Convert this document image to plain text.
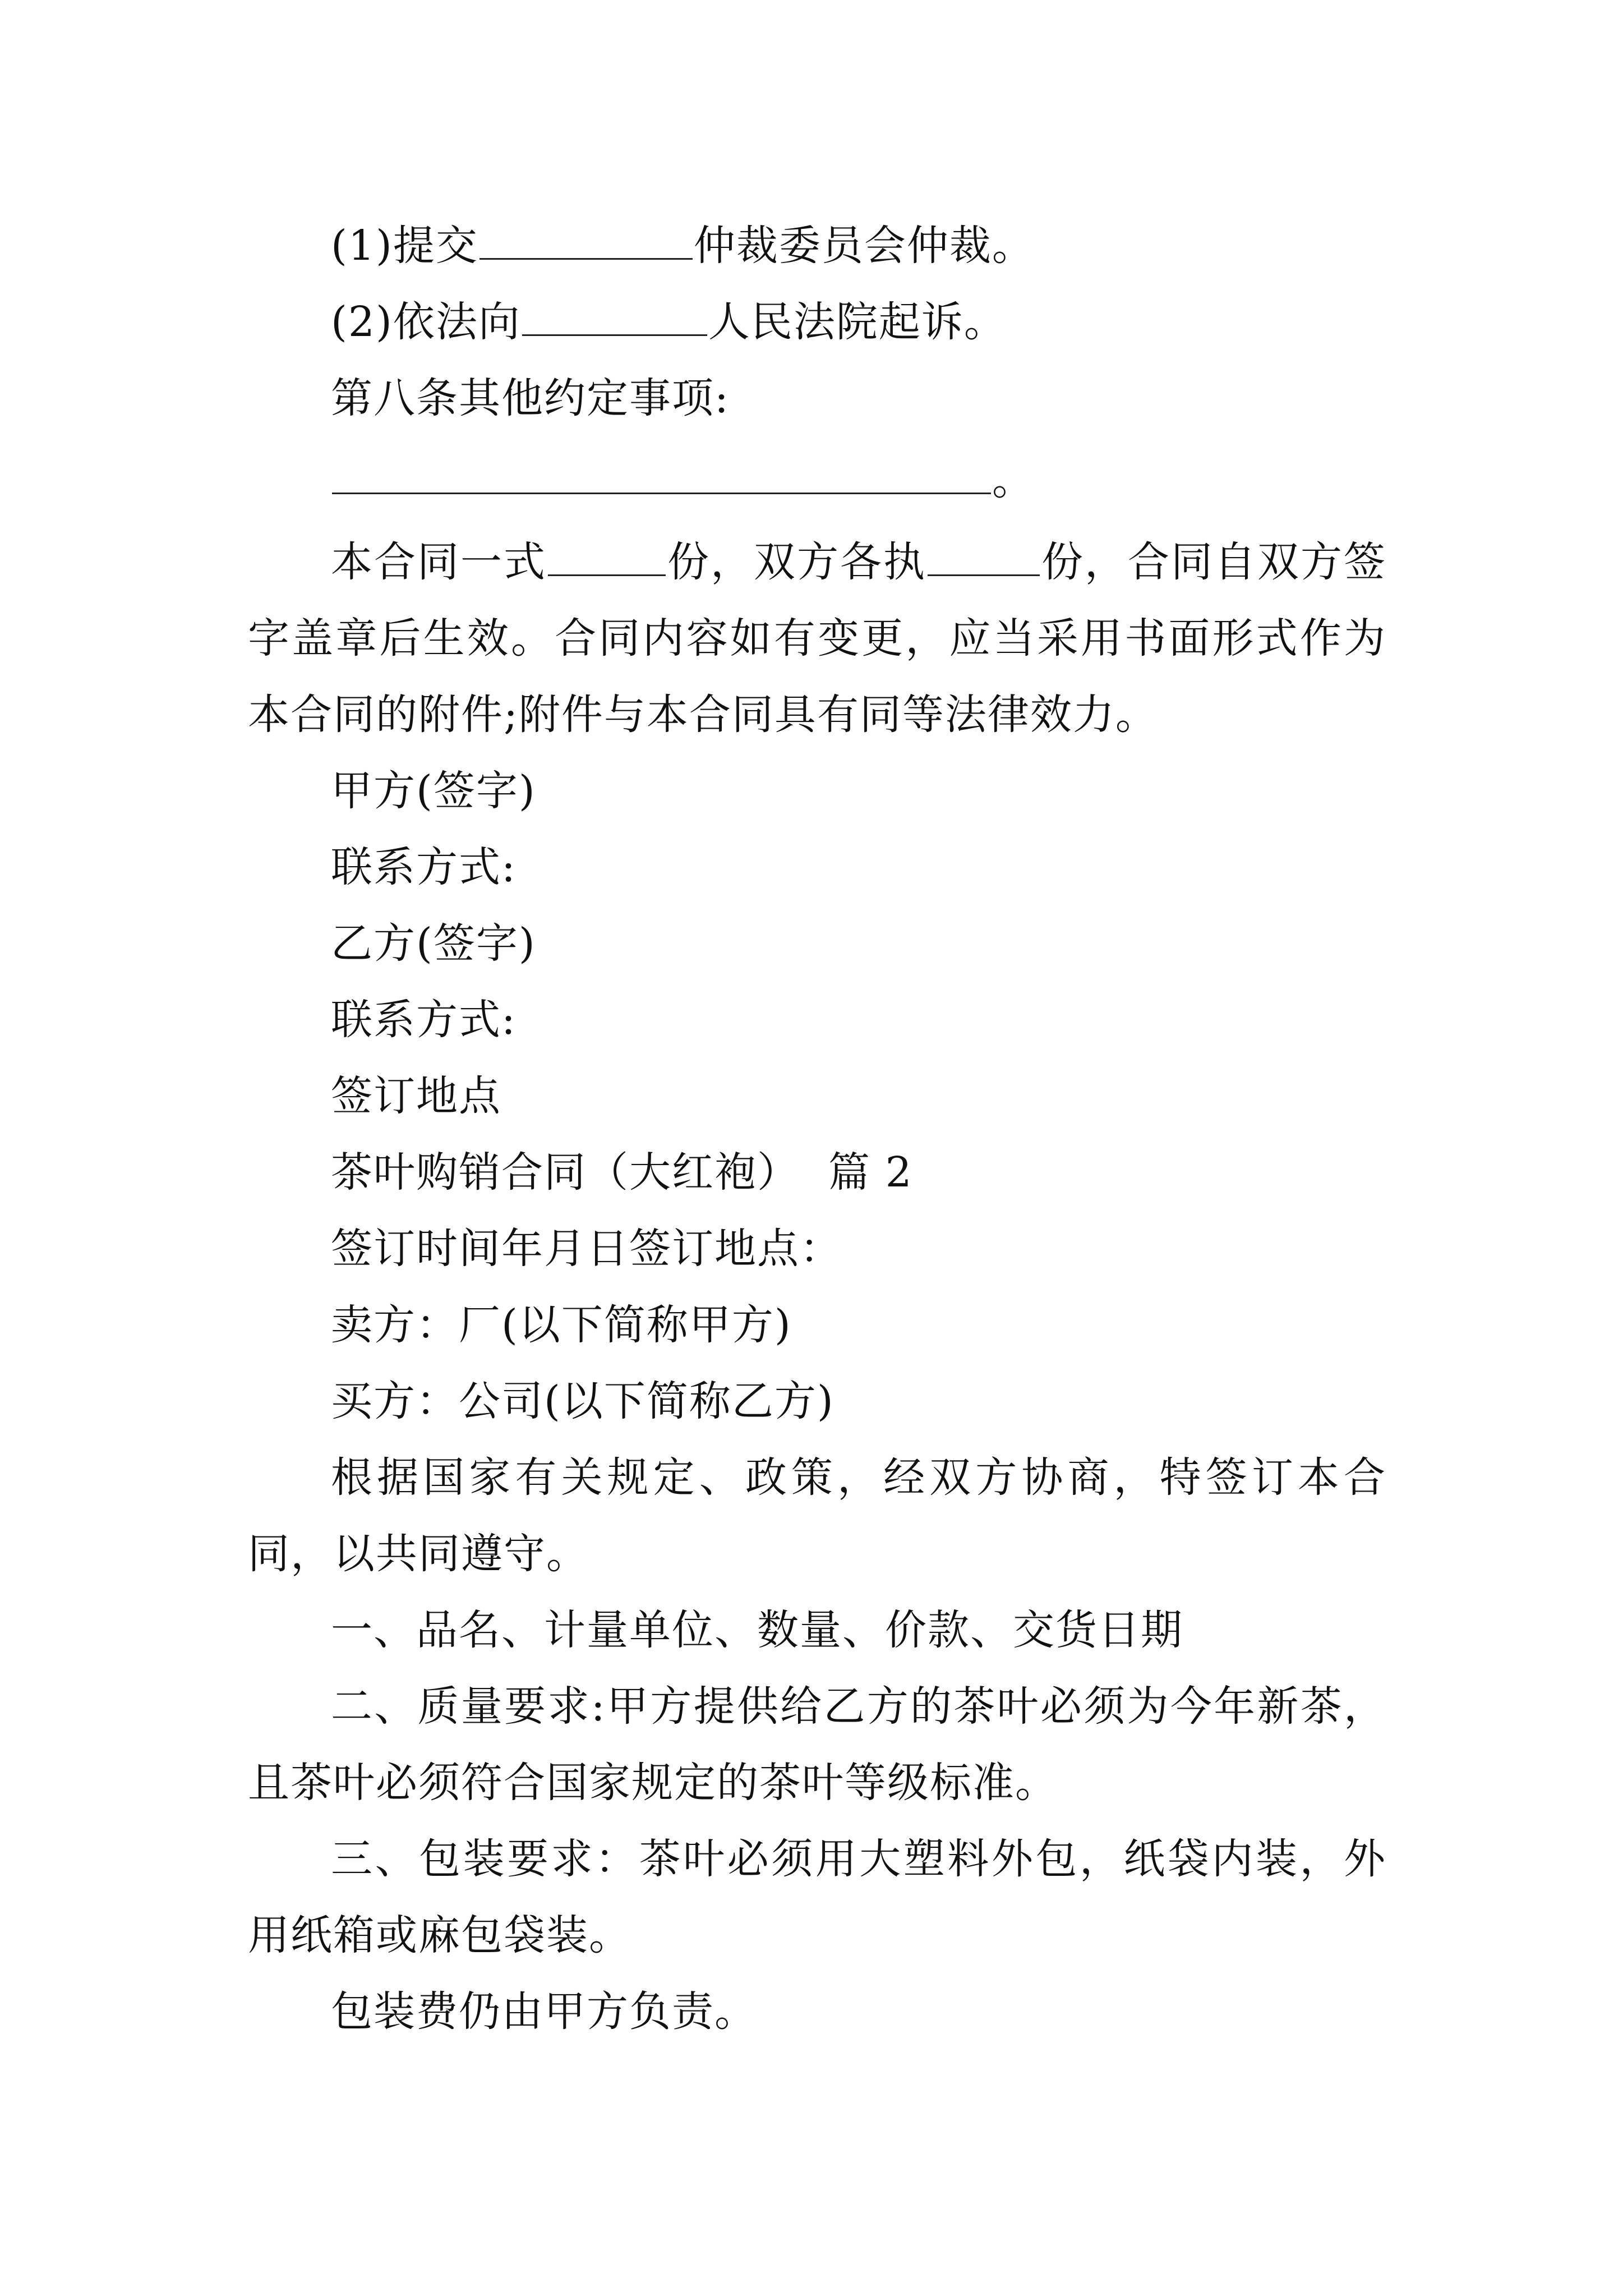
(1)提交	仲裁委员会仲裁。

(2)依法向	人民法院起诉。

第八条其他约定事项:

。

本合同一式	份，双方各执	份，合同自双方签字盖章后生效。合同内容如有变更，应当采用书面形式作为本合同的附件;附件与本合同具有同等法律效力。

甲方(签字)

联系方式:

乙方(签字)

联系方式:

签订地点

茶叶购销合同（大红袍）  篇 2

签订时间年月日签订地点：

卖方：厂(以下简称甲方)

买方：公司(以下简称乙方)

根据国家有关规定、政策，经双方协商，特签订本合同，以共同遵守。

一、品名、计量单位、数量、价款、交货日期

二、质量要求:甲方提供给乙方的茶叶必须为今年新茶，且茶叶必须符合国家规定的茶叶等级标准。

三、包装要求：茶叶必须用大塑料外包，纸袋内装，外用纸箱或麻包袋装。

包装费仍由甲方负责。
